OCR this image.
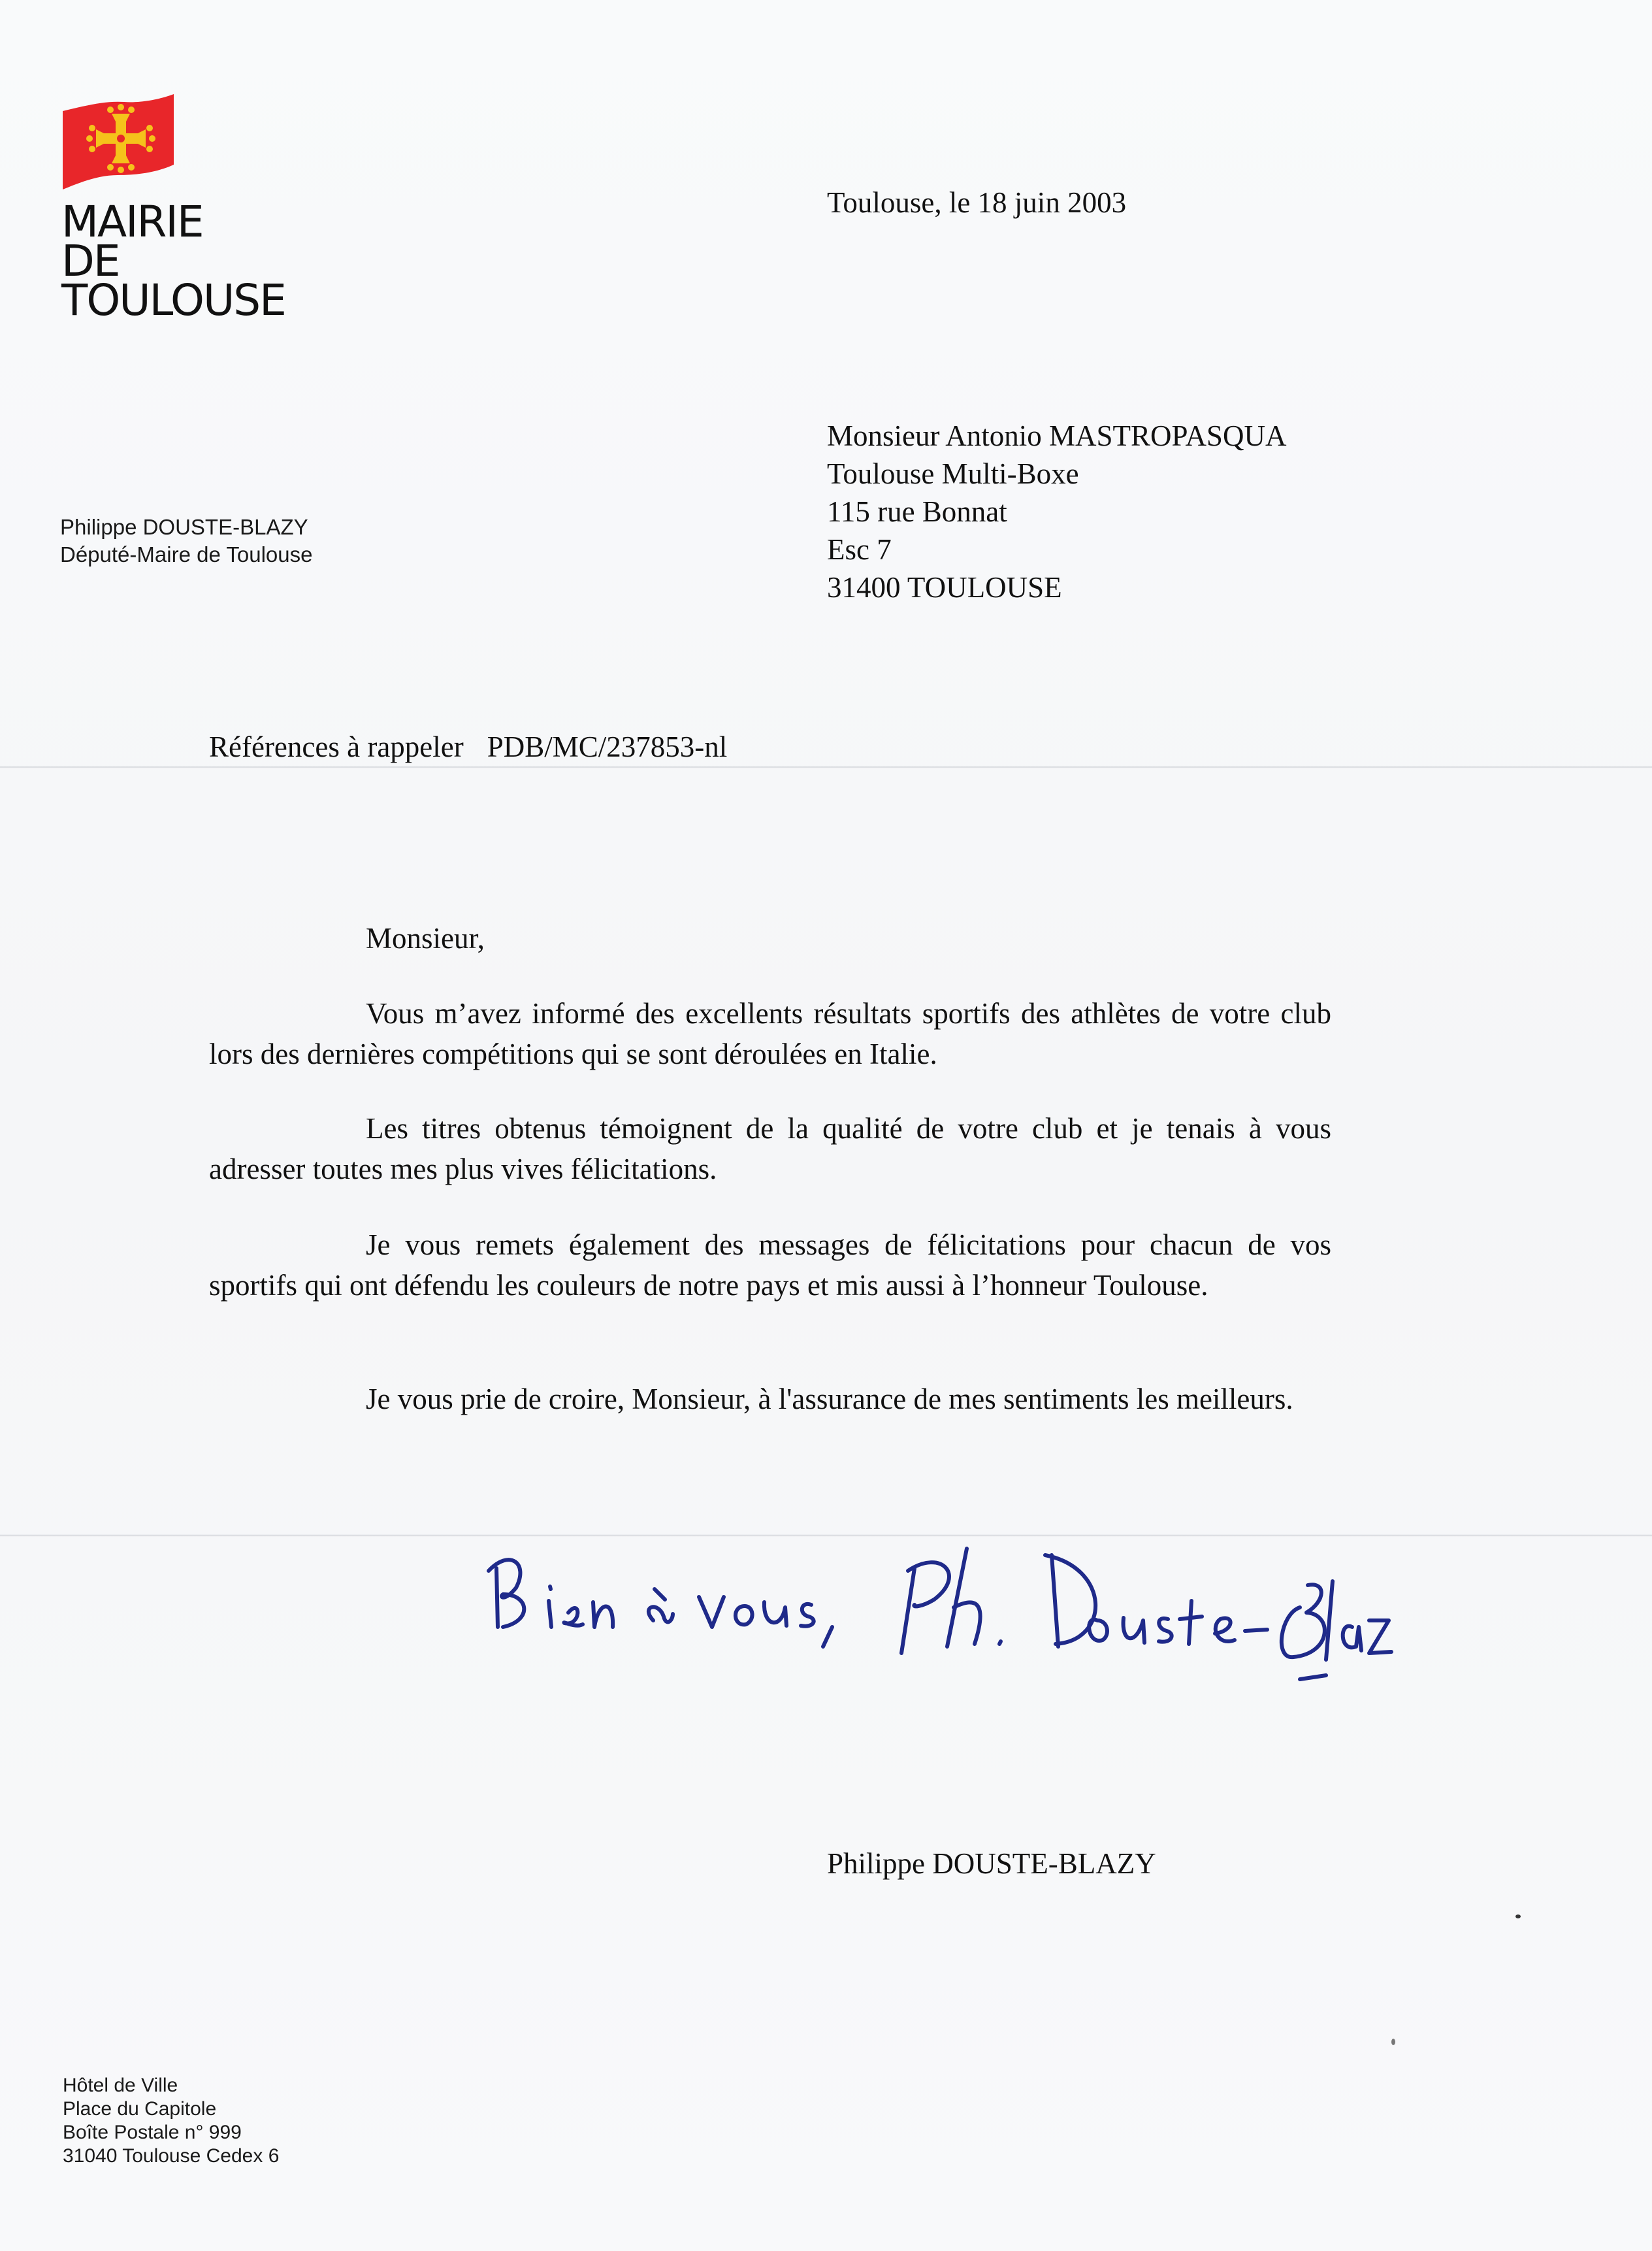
MAIRIE
DE
TOULOUSE
Philippe DOUSTE-BLAZY
Député-Maire de Toulouse
Toulouse, le 18 juin 2003
Monsieur Antonio MASTROPASQUA
Toulouse Multi-Boxe
115 rue Bonnat
Esc 7
31400 TOULOUSE
Références à rappeler PDB/MC/237853-nl
Monsieur,
Vous m’avez informé des excellents résultats sportifs des athlètes de votre club lors des dernières compétitions qui se sont déroulées en Italie.
Les titres obtenus témoignent de la qualité de votre club et je tenais à vous adresser toutes mes plus vives félicitations.
Je vous remets également des messages de félicitations pour chacun de vos sportifs qui ont défendu les couleurs de notre pays et mis aussi à l’honneur Toulouse.
Je vous prie de croire, Monsieur, à l'assurance de mes sentiments les meilleurs.
Philippe DOUSTE-BLAZY
Hôtel de Ville
Place du Capitole
Boîte Postale n° 999
31040 Toulouse Cedex 6
